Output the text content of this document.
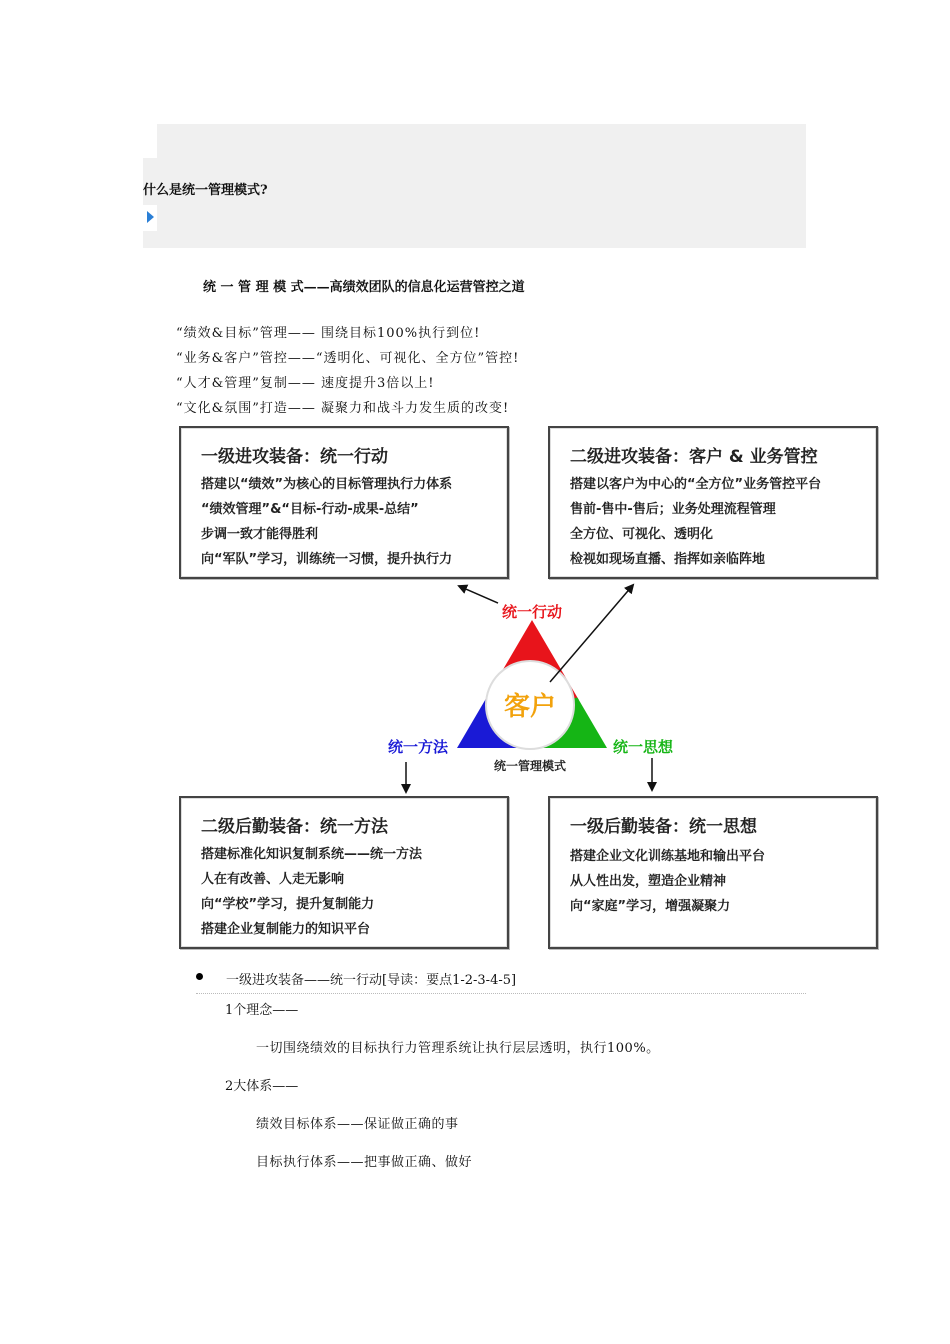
什么是统一管理模式?
统 一 管 理 模 式——高绩效团队的信息化运营管控之道
“绩效&目标”管理—— 围绕目标100%执行到位!
“业务&客户”管控——“透明化、可视化、全方位”管控!
“人才&管理”复制—— 速度提升3倍以上!
“文化&氛围”打造—— 凝聚力和战斗力发生质的改变!
客户
统一行动
统一方法	统一思想
统一管理模式
一级进攻装备：统一行动
搭建以“绩效”为核心的目标管理执行力体系
“绩效管理”&“目标-行动-成果-总结”
步调一致才能得胜利
向“军队”学习，训练统一习惯，提升执行力
二级进攻装备：客户 & 业务管控
搭建以客户为中心的“全方位”业务管控平台
售前-售中-售后；业务处理流程管理
全方位、可视化、透明化
检视如现场直播、指挥如亲临阵地
二级后勤装备：统一方法
搭建标准化知识复制系统——统一方法
人在有改善、人走无影响
向“学校”学习，提升复制能力
搭建企业复制能力的知识平台
一级后勤装备：统一思想
搭建企业文化训练基地和输出平台
从人性出发，塑造企业精神
向“家庭”学习，增强凝聚力
一级进攻装备——统一行动[导读：要点1-2-3-4-5]
1个理念——
一切围绕绩效的目标执行力管理系统让执行层层透明，执行100%。
2大体系——
绩效目标体系——保证做正确的事
目标执行体系——把事做正确、做好
